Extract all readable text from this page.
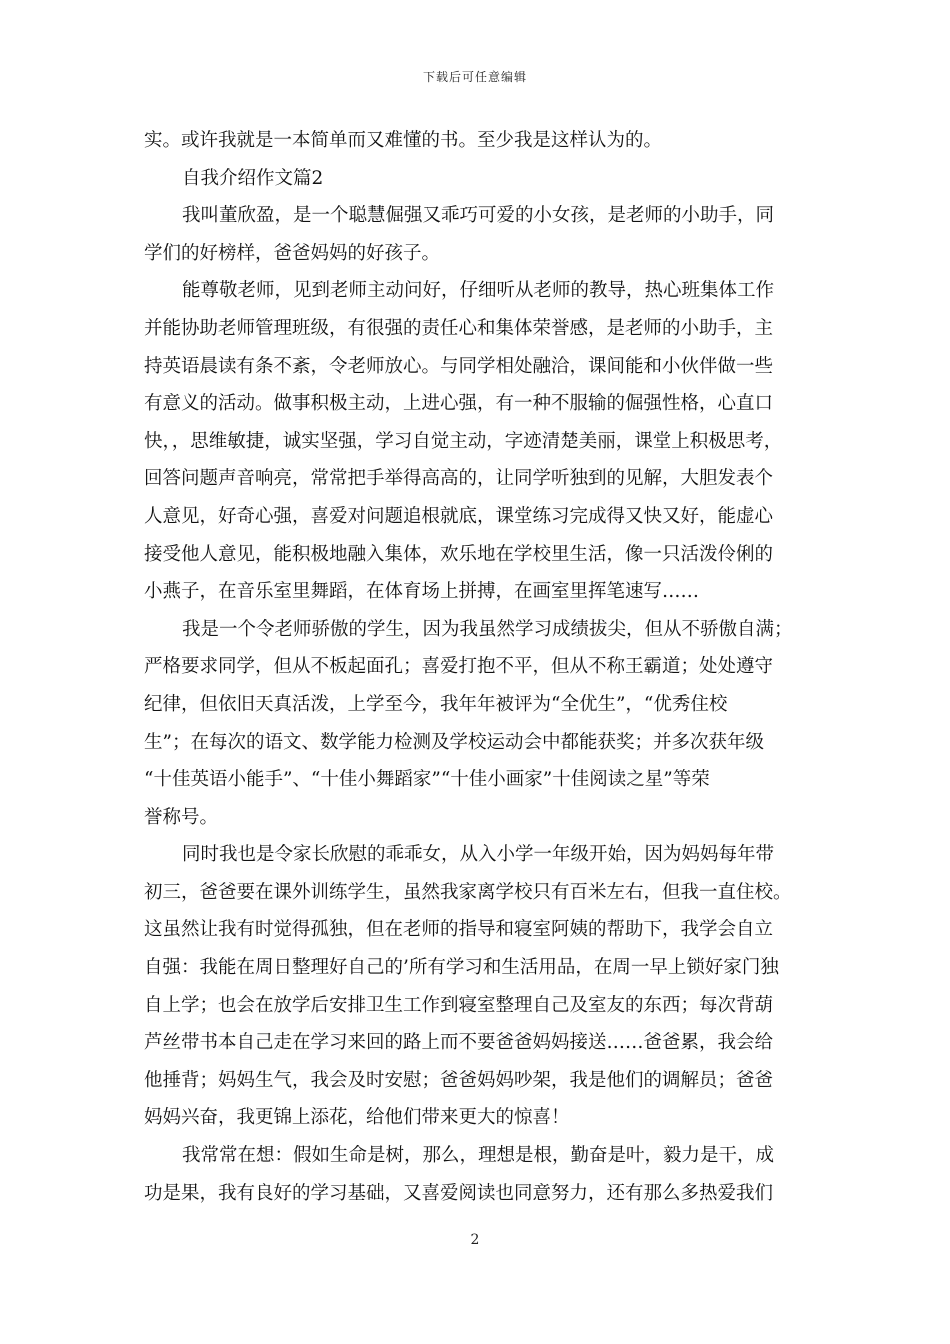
下载后可任意编辑
实。或许我就是一本简单而又难懂的书。至少我是这样认为的。
自我介绍作文篇2
我叫董欣盈，是一个聪慧倔强又乖巧可爱的小女孩，是老师的小助手，同
学们的好榜样，爸爸妈妈的好孩子。
能尊敬老师，见到老师主动问好，仔细听从老师的教导，热心班集体工作
并能协助老师管理班级，有很强的责任心和集体荣誉感，是老师的小助手，主
持英语晨读有条不紊，令老师放心。与同学相处融洽，课间能和小伙伴做一些
有意义的活动。做事积极主动，上进心强，有一种不服输的倔强性格，心直口
快，，思维敏捷，诚实坚强，学习自觉主动，字迹清楚美丽，课堂上积极思考，
回答问题声音响亮，常常把手举得高高的，让同学听独到的见解，大胆发表个
人意见，好奇心强，喜爱对问题追根就底，课堂练习完成得又快又好，能虚心
接受他人意见，能积极地融入集体，欢乐地在学校里生活，像一只活泼伶俐的
小燕子，在音乐室里舞蹈，在体育场上拼搏，在画室里挥笔速写……
我是一个令老师骄傲的学生，因为我虽然学习成绩拔尖，但从不骄傲自满；
严格要求同学，但从不板起面孔；喜爱打抱不平，但从不称王霸道；处处遵守
纪律，但依旧天真活泼，上学至今，我年年被评为“全优生”，“优秀住校
生”；在每次的语文、数学能力检测及学校运动会中都能获奖；并多次获年级
“十佳英语小能手”、“十佳小舞蹈家”“十佳小画家”十佳阅读之星”等荣
誉称号。
同时我也是令家长欣慰的乖乖女，从入小学一年级开始，因为妈妈每年带
初三，爸爸要在课外训练学生，虽然我家离学校只有百米左右，但我一直住校。
这虽然让我有时觉得孤独，但在老师的指导和寝室阿姨的帮助下，我学会自立
自强：我能在周日整理好自己的’所有学习和生活用品，在周一早上锁好家门独
自上学；也会在放学后安排卫生工作到寝室整理自己及室友的东西；每次背葫
芦丝带书本自己走在学习来回的路上而不要爸爸妈妈接送……爸爸累，我会给
他捶背；妈妈生气，我会及时安慰；爸爸妈妈吵架，我是他们的调解员；爸爸
妈妈兴奋，我更锦上添花，给他们带来更大的惊喜！
我常常在想：假如生命是树，那么，理想是根，勤奋是叶，毅力是干，成
功是果，我有良好的学习基础，又喜爱阅读也同意努力，还有那么多热爱我们
2
